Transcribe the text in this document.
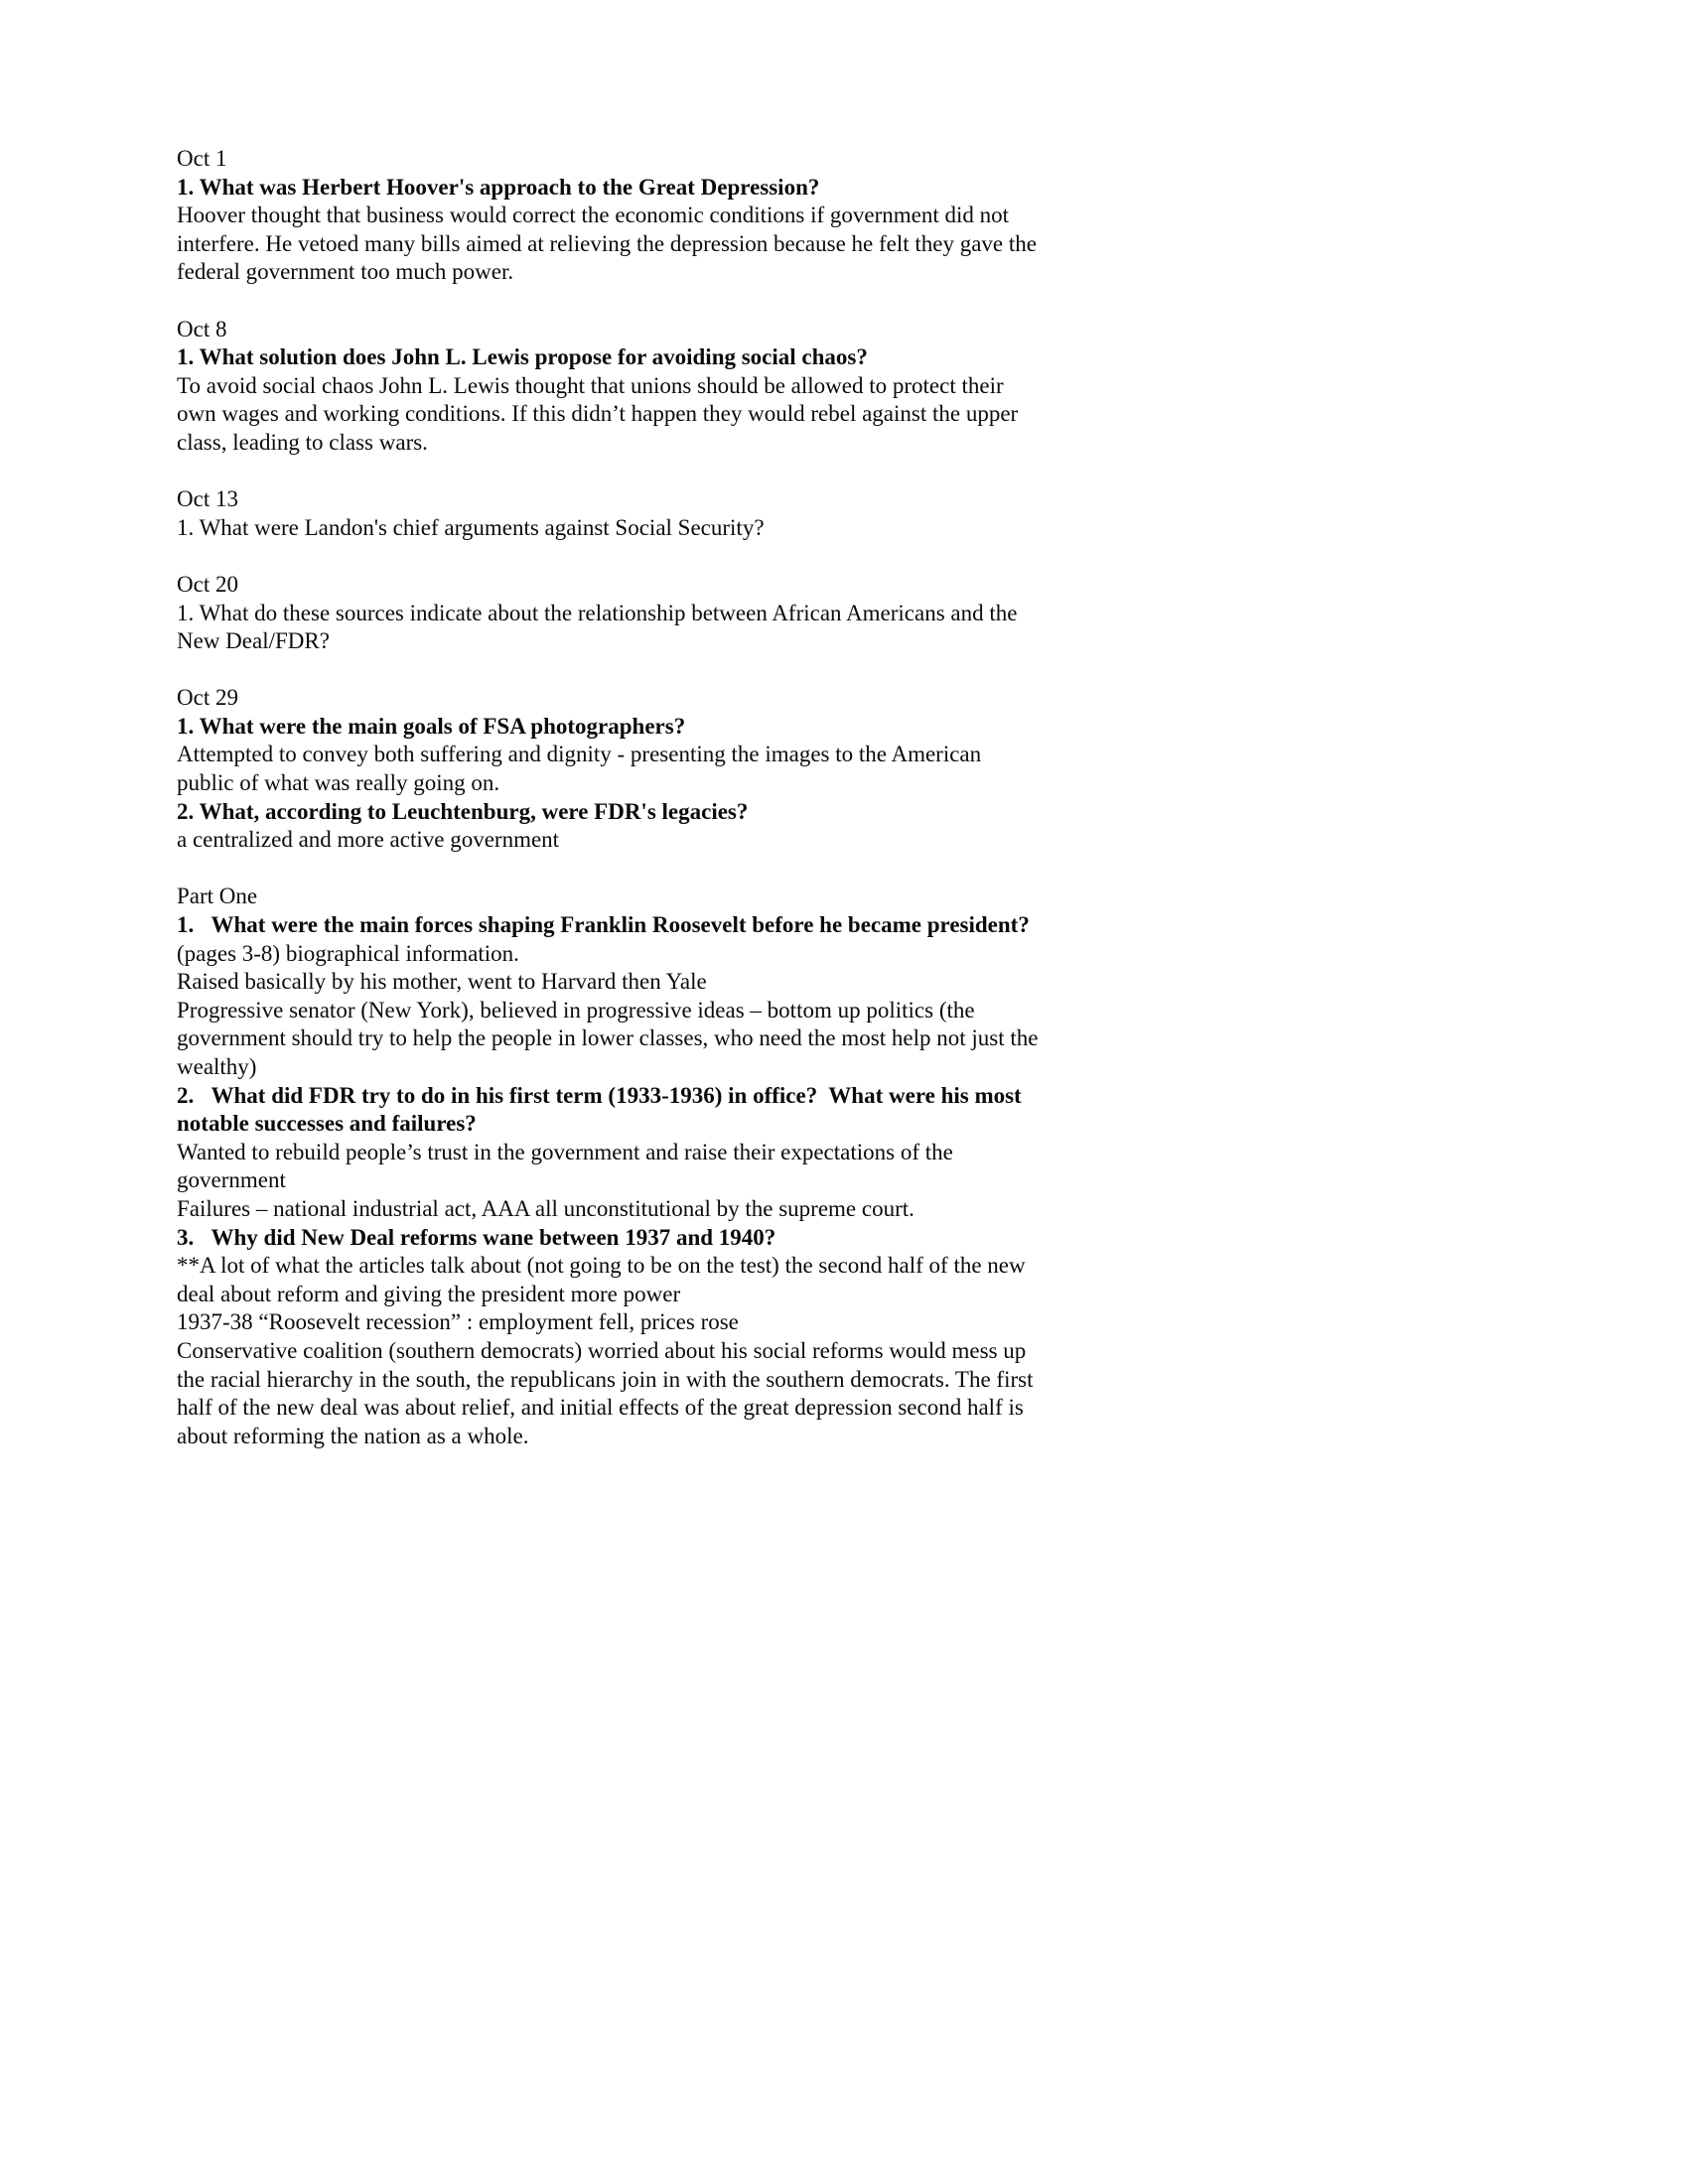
Oct 1

1. What was Herbert Hoover's approach to the Great Depression?

Hoover thought that business would correct the economic conditions if government did not interfere. He vetoed many bills aimed at relieving the depression because he felt they gave the federal government too much power.

Oct 8

1. What solution does John L. Lewis propose for avoiding social chaos?

To avoid social chaos John L. Lewis thought that unions should be allowed to protect their own wages and working conditions. If this didn’t happen they would rebel against the upper class, leading to class wars.

Oct 13

1. What were Landon's chief arguments against Social Security?

Oct 20

1. What do these sources indicate about the relationship between African Americans and the New Deal/FDR?

Oct 29

1. What were the main goals of FSA photographers?

Attempted to convey both suffering and dignity - presenting the images to the American public of what was really going on.

2. What, according to Leuchtenburg, were FDR's legacies?

a centralized and more active government

Part One

1.   What were the main forces shaping Franklin Roosevelt before he became president? (pages 3-8) biographical information.

Raised basically by his mother, went to Harvard then Yale

Progressive senator (New York), believed in progressive ideas – bottom up politics (the government should try to help the people in lower classes, who need the most help not just the wealthy)

2.   What did FDR try to do in his first term (1933-1936) in office?  What were his most notable successes and failures?

Wanted to rebuild people’s trust in the government and raise their expectations of the government

Failures – national industrial act, AAA all unconstitutional by the supreme court.

3.   Why did New Deal reforms wane between 1937 and 1940?

**A lot of what the articles talk about (not going to be on the test) the second half of the new deal about reform and giving the president more power

1937-38 “Roosevelt recession” : employment fell, prices rose

Conservative coalition (southern democrats) worried about his social reforms would mess up the racial hierarchy in the south, the republicans join in with the southern democrats. The first half of the new deal was about relief, and initial effects of the great depression second half is about reforming the nation as a whole.
